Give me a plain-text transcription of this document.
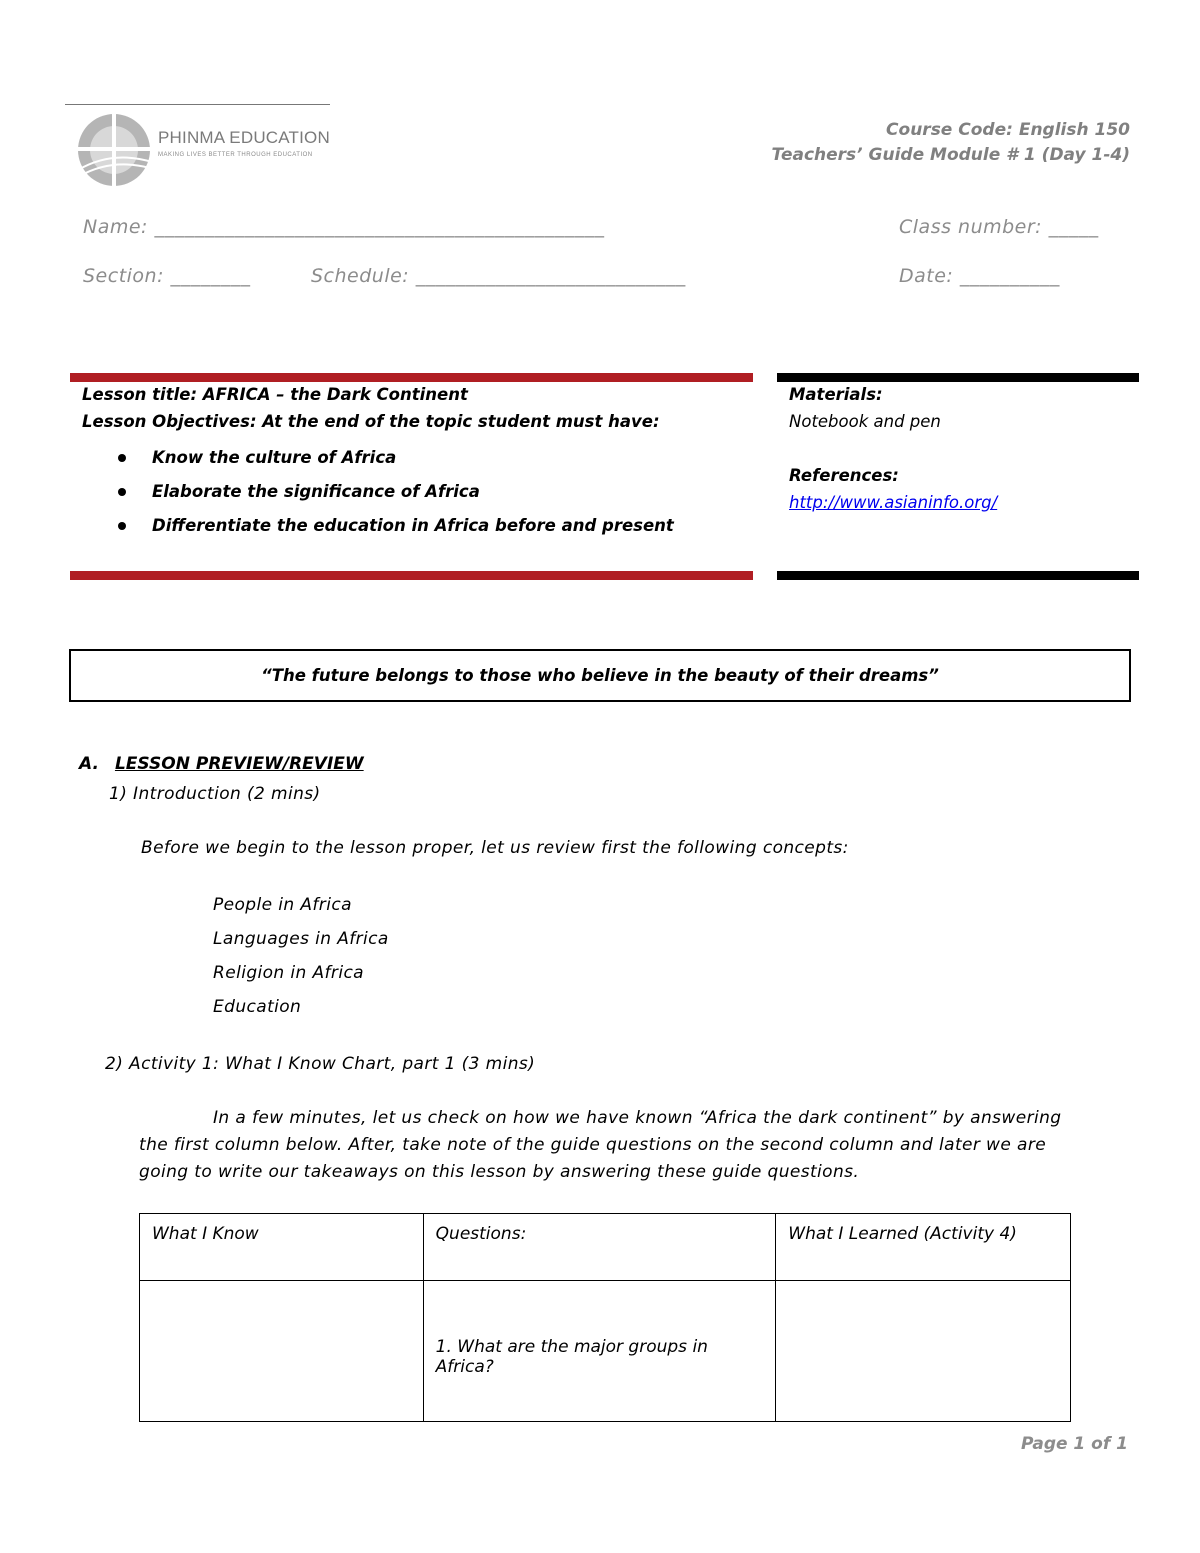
PHINMA EDUCATION
MAKING LIVES BETTER THROUGH EDUCATION
Course Code: English 150
Teachers’ Guide Module # 1 (Day 1-4)
Name: _____________________________________________	Class number: _____
Section: ________	Schedule: ___________________________	Date: __________
Lesson title: AFRICA – the Dark Continent
Lesson Objectives: At the end of the topic student must have:
Know the culture of Africa
Elaborate the significance of Africa
Differentiate the education in Africa before and present
Materials:
Notebook and pen
References:
http://www.asianinfo.org/
“The future belongs to those who believe in the beauty of their dreams”
A. LESSON PREVIEW/REVIEW
1) Introduction (2 mins)
Before we begin to the lesson proper, let us review first the following concepts:
People in Africa
Languages in Africa
Religion in Africa
Education
2) Activity 1: What I Know Chart, part 1 (3 mins)
In a few minutes, let us check on how we have known “Africa the dark continent” by answering
the first column below. After, take note of the guide questions on the second column and later we are
going to write our takeaways on this lesson by answering these guide questions.
What I Know	Questions:	What I Learned (Activity 4)
	1. What are the major groups in Africa?	
Page 1 of 1
